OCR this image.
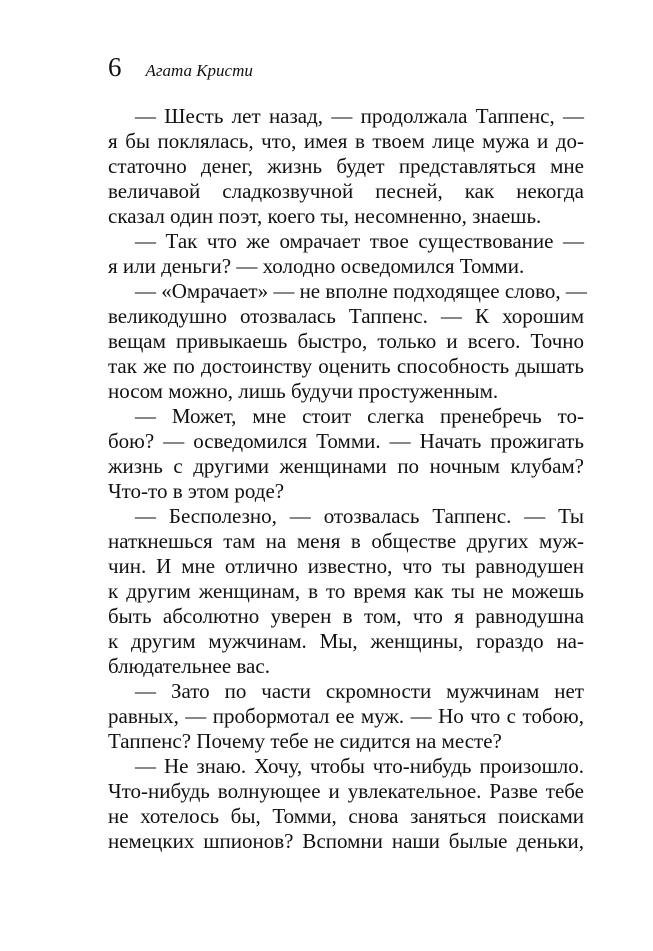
6 Агата Кристи
— Шесть лет назад, — продолжала Таппенс, —
я бы поклялась, что, имея в твоем лице мужа и до-
статочно денег, жизнь будет представляться мне
величавой сладкозвучной песней, как некогда
сказал один поэт, коего ты, несомненно, знаешь.
— Так что же омрачает твое существование —
я или деньги? — холодно осведомился Томми.
— «Омрачает» — не вполне подходящее слово, —
великодушно отозвалась Таппенс. — К хорошим
вещам привыкаешь быстро, только и всего. Точно
так же по достоинству оценить способность дышать
носом можно, лишь будучи простуженным.
— Может, мне стоит слегка пренебречь то-
бою? — осведомился Томми. — Начать прожигать
жизнь с другими женщинами по ночным клубам?
Что-то в этом роде?
— Бесполезно, — отозвалась Таппенс. — Ты
наткнешься там на меня в обществе других муж-
чин. И мне отлично известно, что ты равнодушен
к другим женщинам, в то время как ты не можешь
быть абсолютно уверен в том, что я равнодушна
к другим мужчинам. Мы, женщины, гораздо на-
блюдательнее вас.
— Зато по части скромности мужчинам нет
равных, — пробормотал ее муж. — Но что с тобою,
Таппенс? Почему тебе не сидится на месте?
— Не знаю. Хочу, чтобы что-нибудь произошло.
Что-нибудь волнующее и увлекательное. Разве тебе
не хотелось бы, Томми, снова заняться поисками
немецких шпионов? Вспомни наши былые деньки,
